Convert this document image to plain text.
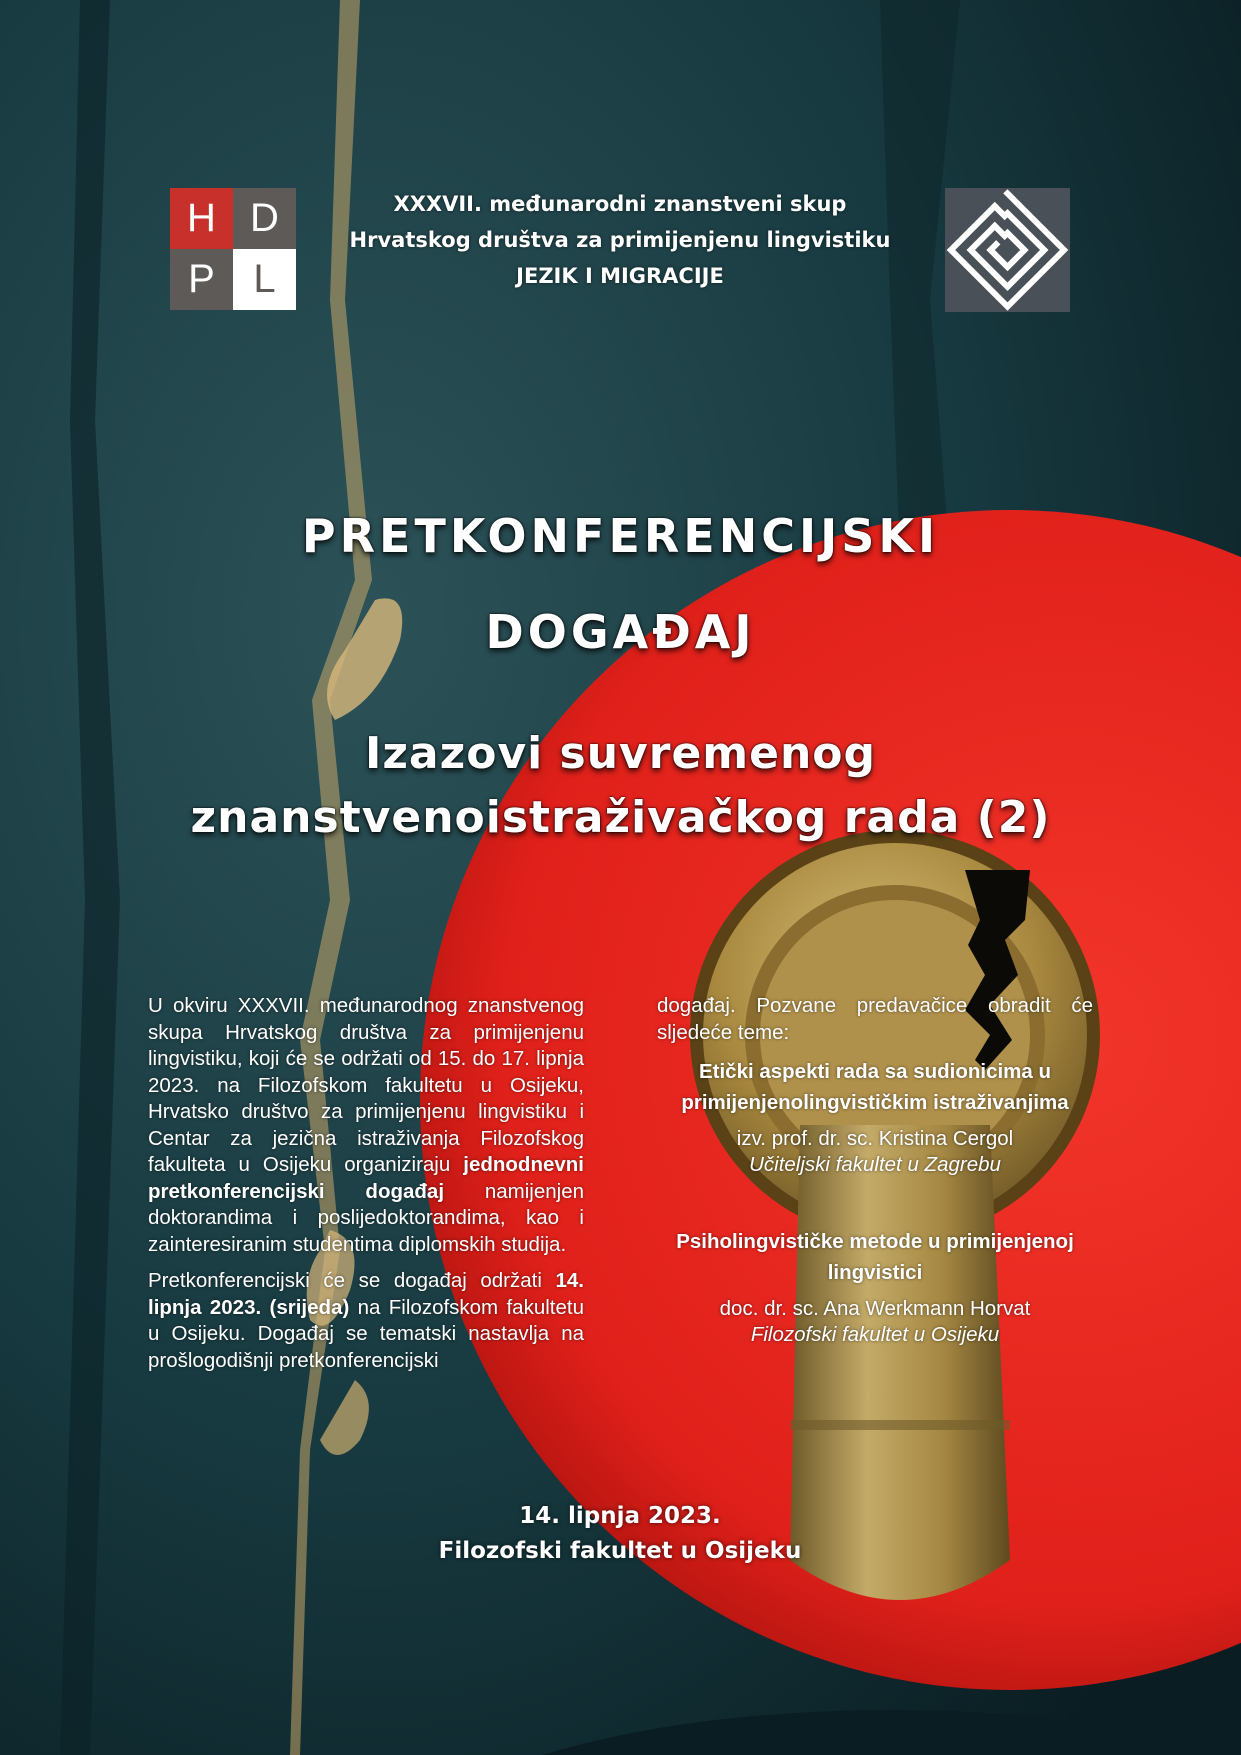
H D
P L
XXXVII. međunarodni znanstveni skup
Hrvatskog društva za primijenjenu lingvistiku
JEZIK I MIGRACIJE
PRETKONFERENCIJSKI
DOGAĐAJ
Izazovi suvremenog
znanstvenoistraživačkog rada (2)

U okviru XXXVII. međunarodnog znanstvenog skupa Hrvatskog društva za primijenjenu lingvistiku, koji će se održati od 15. do 17. lipnja 2023. na Filozofskom fakultetu u Osijeku, Hrvatsko društvo za primijenjenu lingvistiku i Centar za jezična istraživanja Filozofskog fakulteta u Osijeku organiziraju jednodnevni pretkonferencijski događaj namijenjen doktorandima i poslijedoktorandima, kao i zainteresiranim studentima diplomskih studija.

Pretkonferencijski će se događaj održati 14. lipnja 2023. (srijeda) na Filozofskom fakultetu u Osijeku. Događaj se tematski nastavlja na prošlogodišnji pretkonferencijski

događaj. Pozvane predavačice obradit će sljedeće teme:

Etički aspekti rada sa sudionicima u primijenjenolingvističkim istraživanjima
izv. prof. dr. sc. Kristina Cergol
Učiteljski fakultet u Zagrebu
Psiholingvističke metode u primijenjenoj lingvistici
doc. dr. sc. Ana Werkmann Horvat
Filozofski fakultet u Osijeku
14. lipnja 2023.
Filozofski fakultet u Osijeku
